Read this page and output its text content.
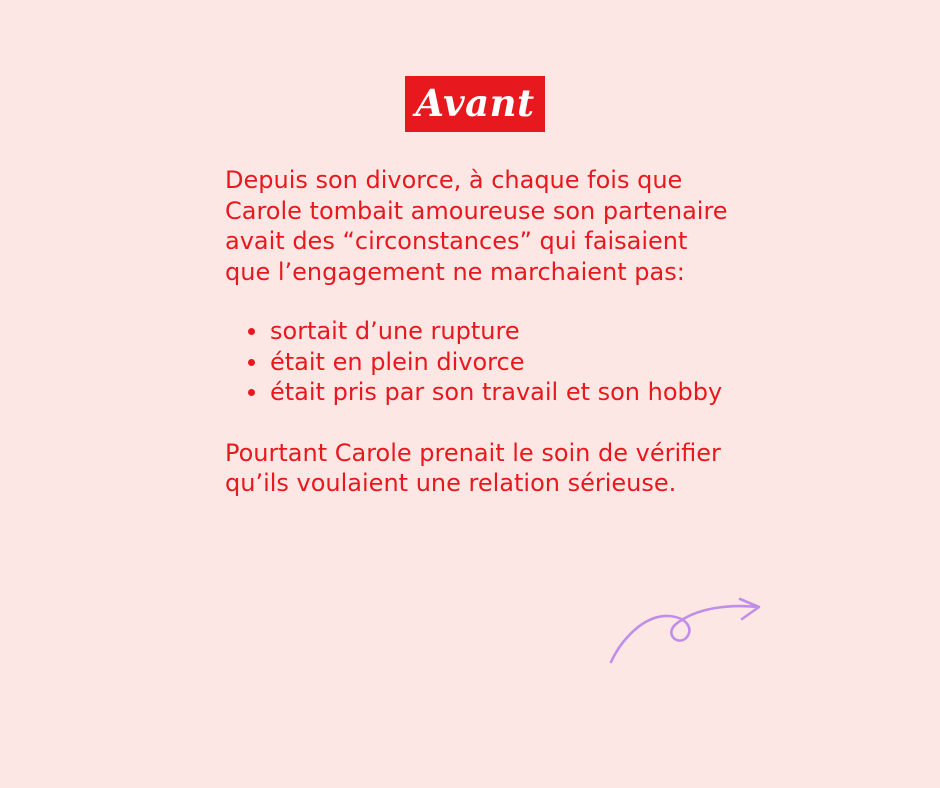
Avant

Depuis son divorce, à chaque fois que Carole tombait amoureuse son partenaire avait des “circonstances” qui faisaient que l’engagement ne marchaient pas:

sortait d’une rupture
était en plein divorce
était pris par son travail et son hobby

Pourtant Carole prenait le soin de vérifier qu’ils voulaient une relation sérieuse.
